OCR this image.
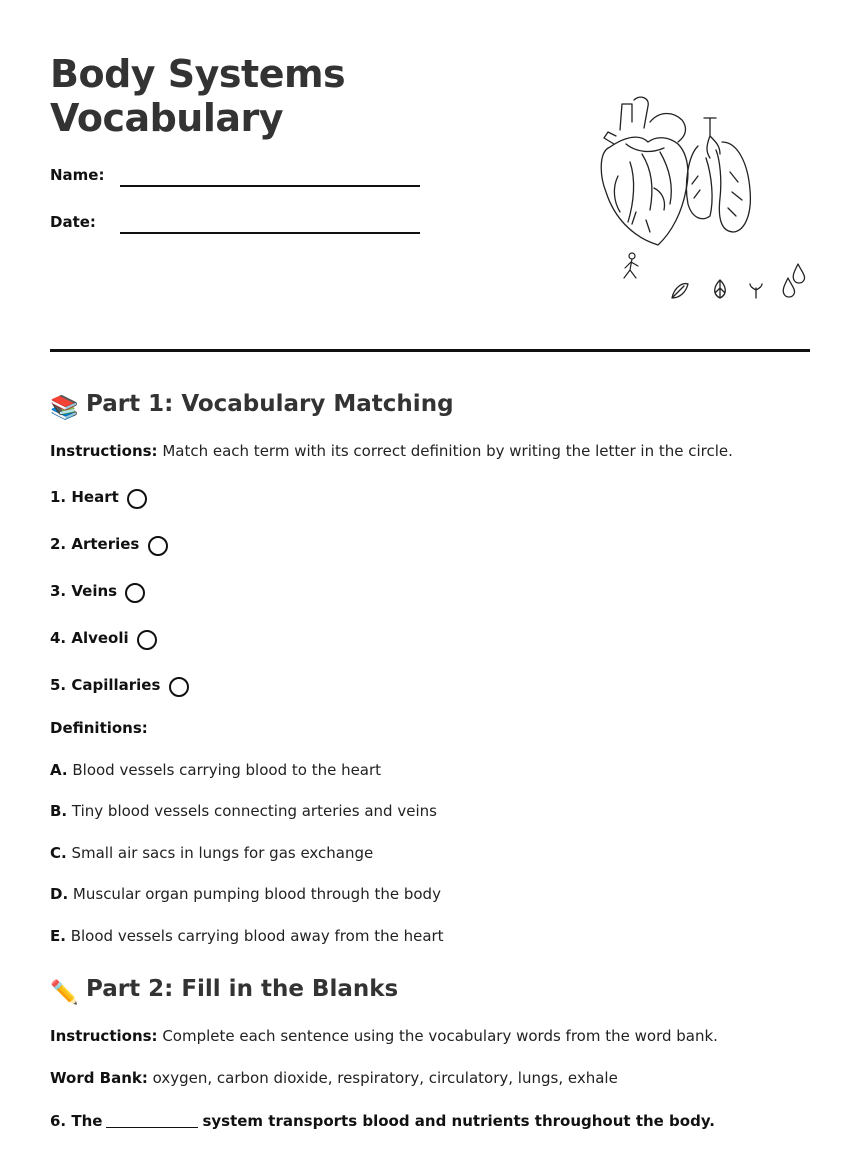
Body Systems
Vocabulary
Name:
Date:
📚 Part 1: Vocabulary Matching
Instructions: Match each term with its correct definition by writing the letter in the circle.
1. Heart
2. Arteries
3. Veins
4. Alveoli
5. Capillaries
Definitions:
A. Blood vessels carrying blood to the heart
B. Tiny blood vessels connecting arteries and veins
C. Small air sacs in lungs for gas exchange
D. Muscular organ pumping blood through the body
E. Blood vessels carrying blood away from the heart
✏️ Part 2: Fill in the Blanks
Instructions: Complete each sentence using the vocabulary words from the word bank.
Word Bank: oxygen, carbon dioxide, respiratory, circulatory, lungs, exhale
6. The	system transports blood and nutrients throughout the body.
